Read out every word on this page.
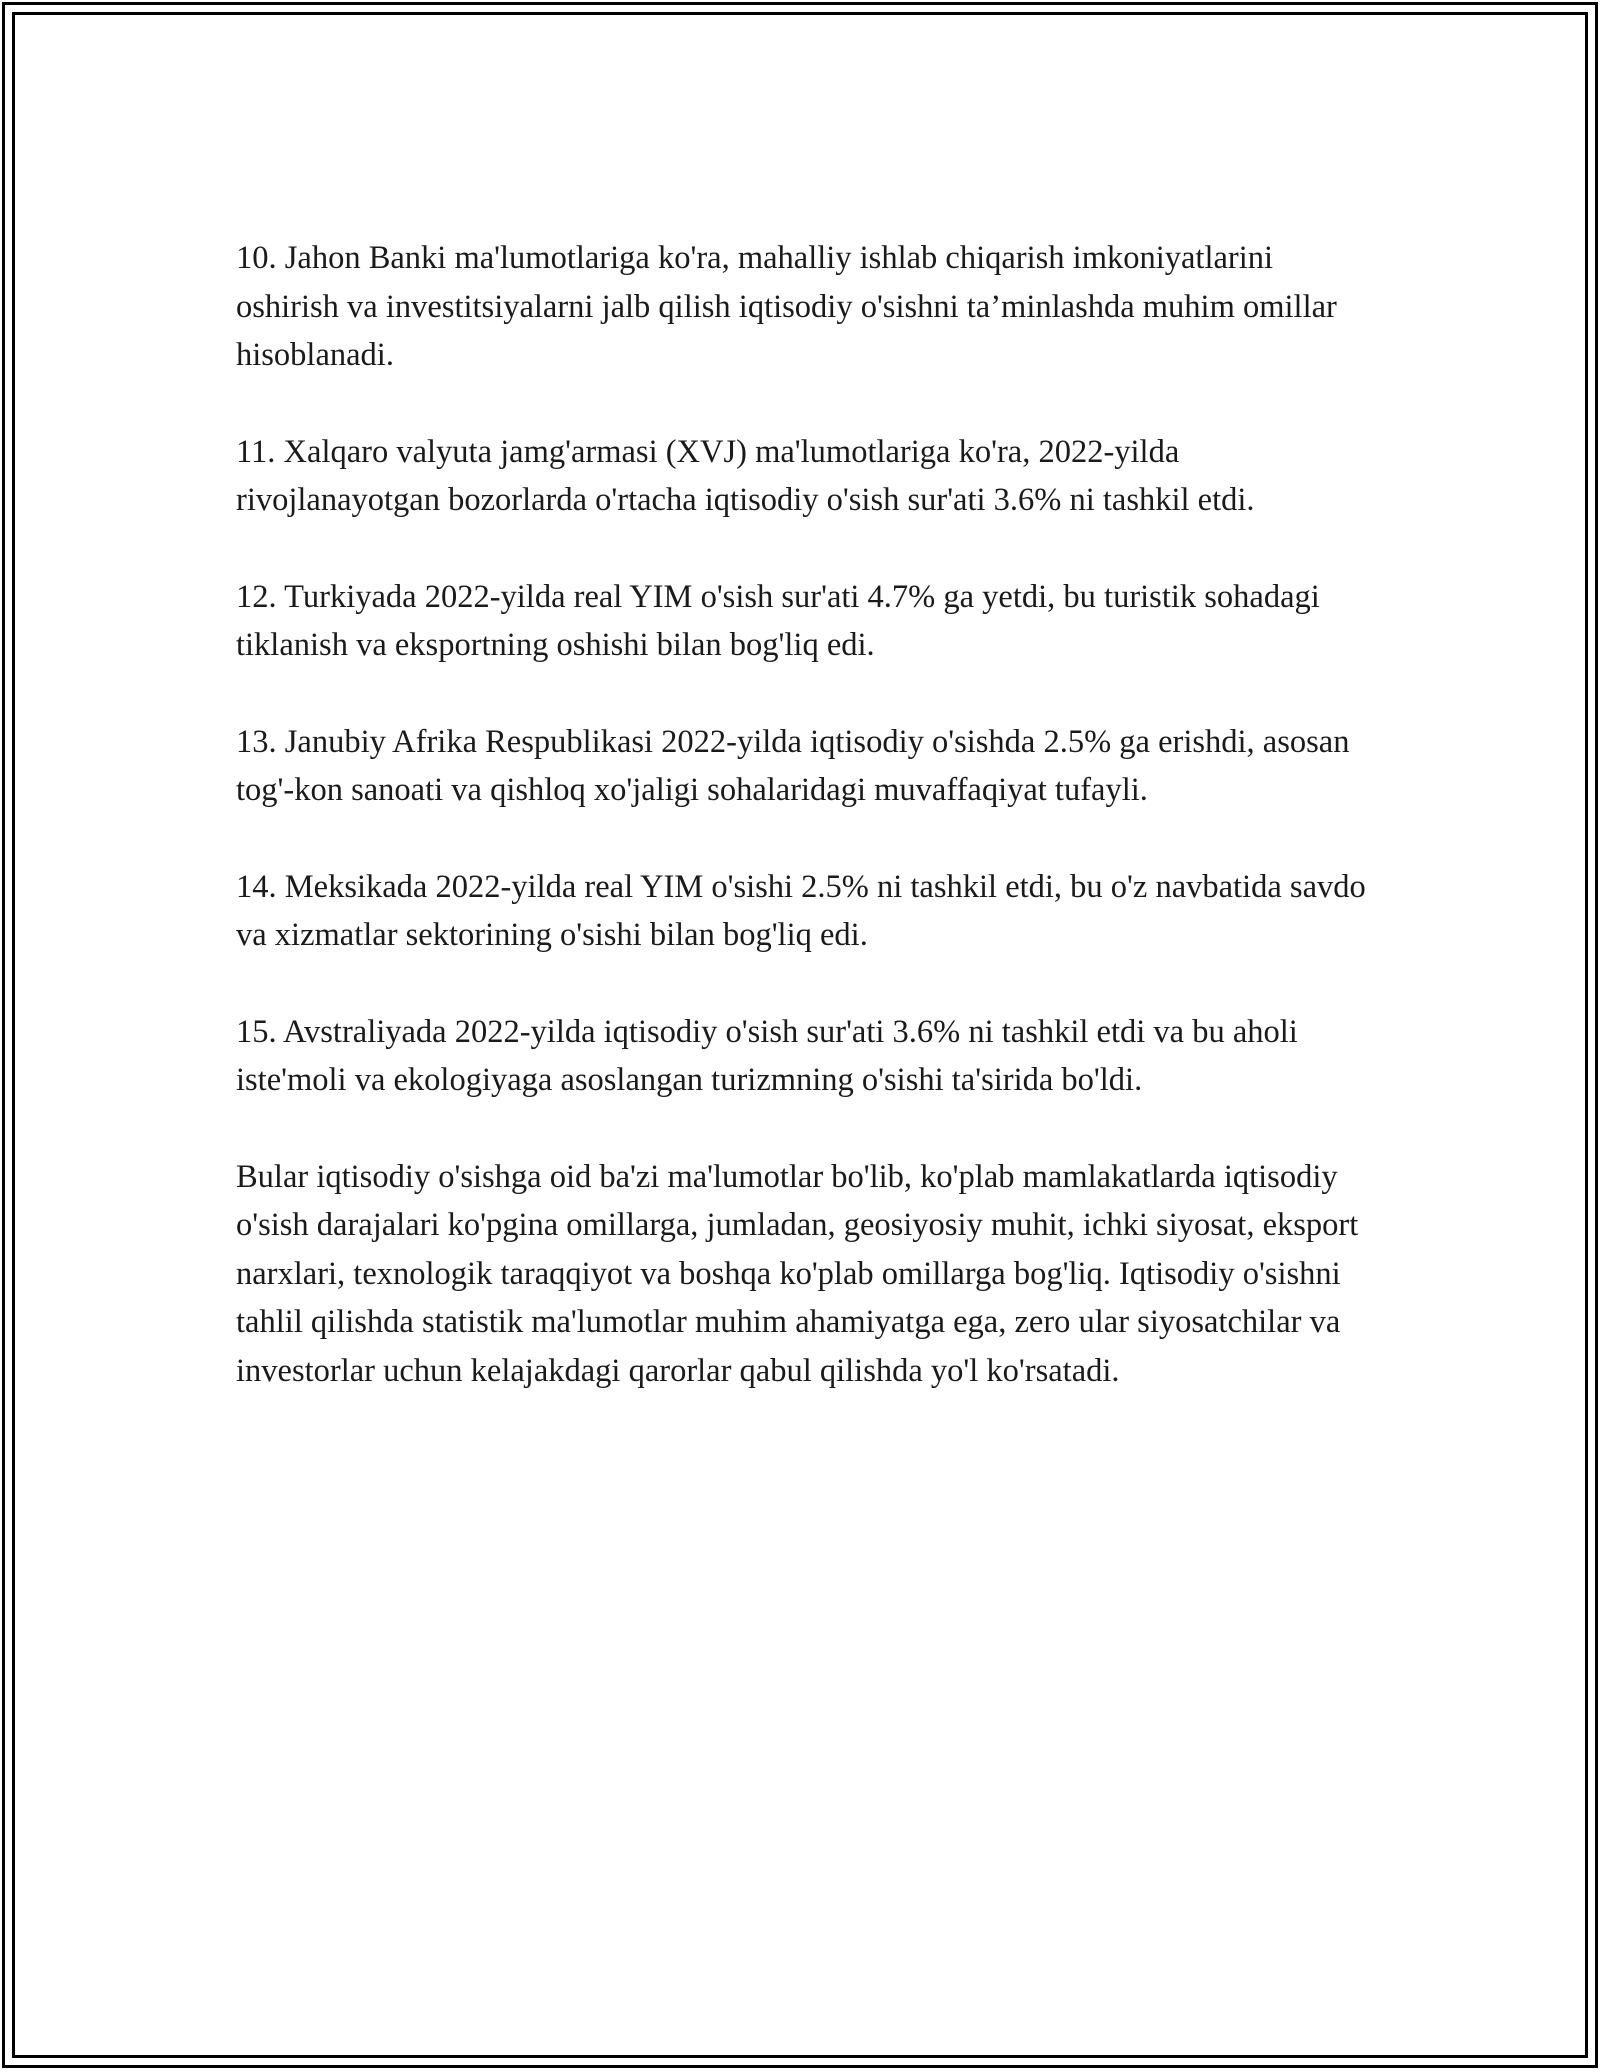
10. Jahon Banki ma'lumotlariga ko'ra, mahalliy ishlab chiqarish imkoniyatlarini oshirish va investitsiyalarni jalb qilish iqtisodiy o'sishni ta’minlashda muhim omillar hisoblanadi.

11. Xalqaro valyuta jamg'armasi (XVJ) ma'lumotlariga ko'ra, 2022-yilda rivojlanayotgan bozorlarda o'rtacha iqtisodiy o'sish sur'ati 3.6% ni tashkil etdi.

12. Turkiyada 2022-yilda real YIM o'sish sur'ati 4.7% ga yetdi, bu turistik sohadagi tiklanish va eksportning oshishi bilan bog'liq edi.

13. Janubiy Afrika Respublikasi 2022-yilda iqtisodiy o'sishda 2.5% ga erishdi, asosan tog'-kon sanoati va qishloq xo'jaligi sohalaridagi muvaffaqiyat tufayli.

14. Meksikada 2022-yilda real YIM o'sishi 2.5% ni tashkil etdi, bu o'z navbatida savdo va xizmatlar sektorining o'sishi bilan bog'liq edi.

15. Avstraliyada 2022-yilda iqtisodiy o'sish sur'ati 3.6% ni tashkil etdi va bu aholi iste'moli va ekologiyaga asoslangan turizmning o'sishi ta'sirida bo'ldi.

Bular iqtisodiy o'sishga oid ba'zi ma'lumotlar bo'lib, ko'plab mamlakatlarda iqtisodiy o'sish darajalari ko'pgina omillarga, jumladan, geosiyosiy muhit, ichki siyosat, eksport narxlari, texnologik taraqqiyot va boshqa ko'plab omillarga bog'liq. Iqtisodiy o'sishni tahlil qilishda statistik ma'lumotlar muhim ahamiyatga ega, zero ular siyosatchilar va investorlar uchun kelajakdagi qarorlar qabul qilishda yo'l ko'rsatadi.
